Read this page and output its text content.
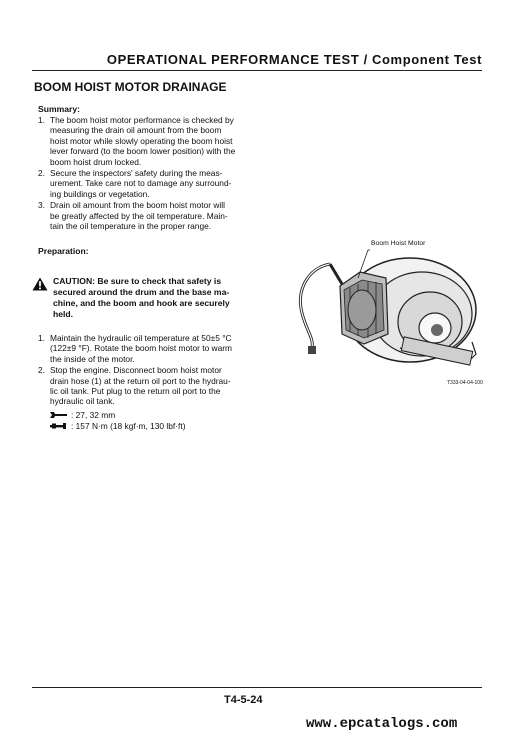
OPERATIONAL PERFORMANCE TEST / Component Test
BOOM HOIST MOTOR DRAINAGE
Summary:
1. The boom hoist motor performance is checked by
measuring the drain oil amount from the boom
hoist motor while slowly operating the boom hoist
lever forward (to the boom lower position) with the
boom hoist drum locked.
2. Secure the inspectors' safety during the meas-
urement. Take care not to damage any surround-
ing buildings or vegetation.
3. Drain oil amount from the boom hoist motor will
be greatly affected by the oil temperature. Main-
tain the oil temperature in the proper range.
Preparation:
CAUTION: Be sure to check that safety is
secured around the drum and the base ma-
chine, and the boom and hook are securely
held.
1. Maintain the hydraulic oil temperature at 50±5 °C
(122±9 °F). Rotate the boom hoist motor to warm
the inside of the motor.
2. Stop the engine. Disconnect boom hoist motor
drain hose (1) at the return oil port to the hydrau-
lic oil tank. Put plug to the return oil port to the
hydraulic oil tank.
: 27, 32 mm
: 157 N·m (18 kgf·m, 130 lbf·ft)
Boom Hoist Motor
T333-04-04-100
T4-5-24
www.epcatalogs.com
